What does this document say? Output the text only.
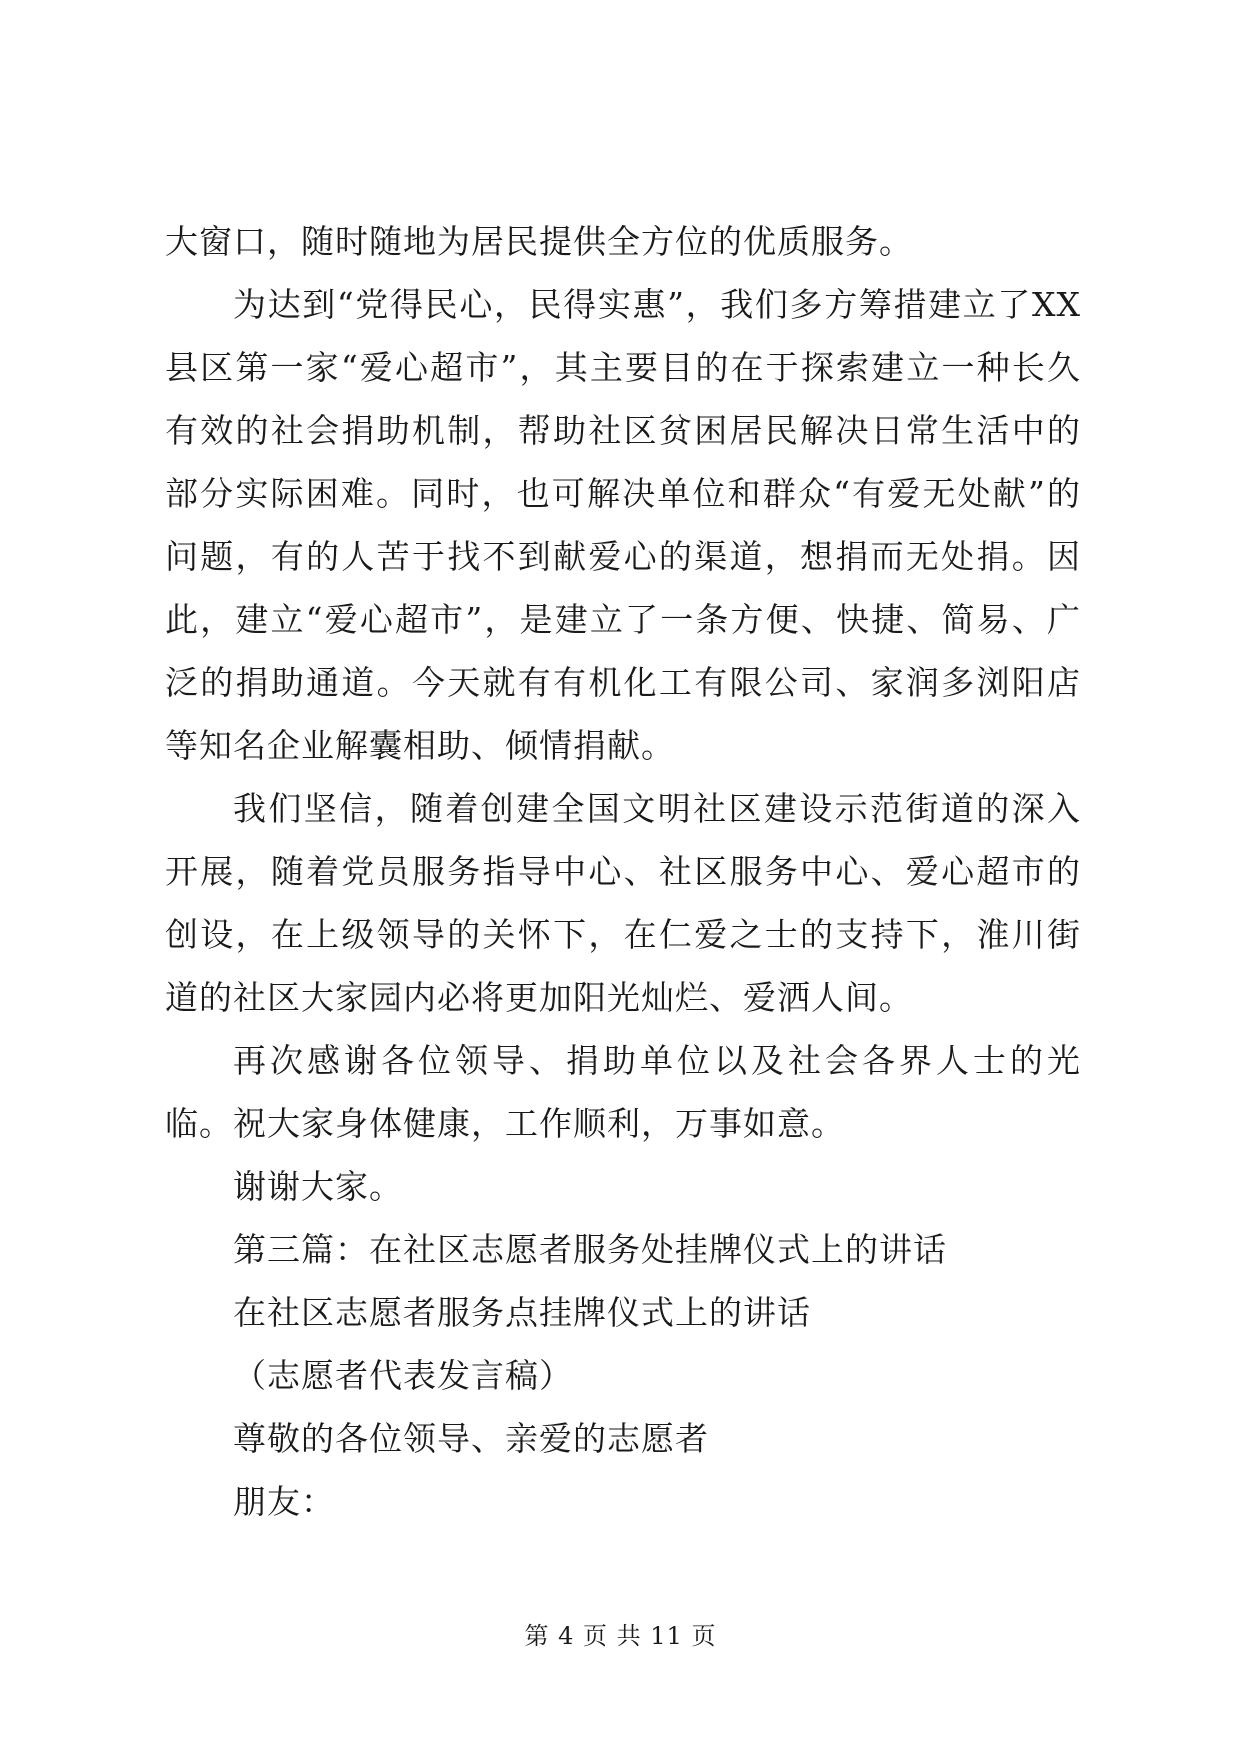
大窗口，随时随地为居民提供全方位的优质服务。

为达到“党得民心，民得实惠”，我们多方筹措建立了XX县区第一家“爱心超市”，其主要目的在于探索建立一种长久有效的社会捐助机制，帮助社区贫困居民解决日常生活中的部分实际困难。同时，也可解决单位和群众“有爱无处献”的问题，有的人苦于找不到献爱心的渠道，想捐而无处捐。因此，建立“爱心超市”，是建立了一条方便、快捷、简易、广泛的捐助通道。今天就有有机化工有限公司、家润多浏阳店等知名企业解囊相助、倾情捐献。

我们坚信，随着创建全国文明社区建设示范街道的深入开展，随着党员服务指导中心、社区服务中心、爱心超市的创设，在上级领导的关怀下，在仁爱之士的支持下，淮川街道的社区大家园内必将更加阳光灿烂、爱洒人间。

再次感谢各位领导、捐助单位以及社会各界人士的光临。祝大家身体健康，工作顺利，万事如意。

谢谢大家。

第三篇：在社区志愿者服务处挂牌仪式上的讲话

在社区志愿者服务点挂牌仪式上的讲话

（志愿者代表发言稿）

尊敬的各位领导、亲爱的志愿者

朋友：

第 4 页 共 11 页
